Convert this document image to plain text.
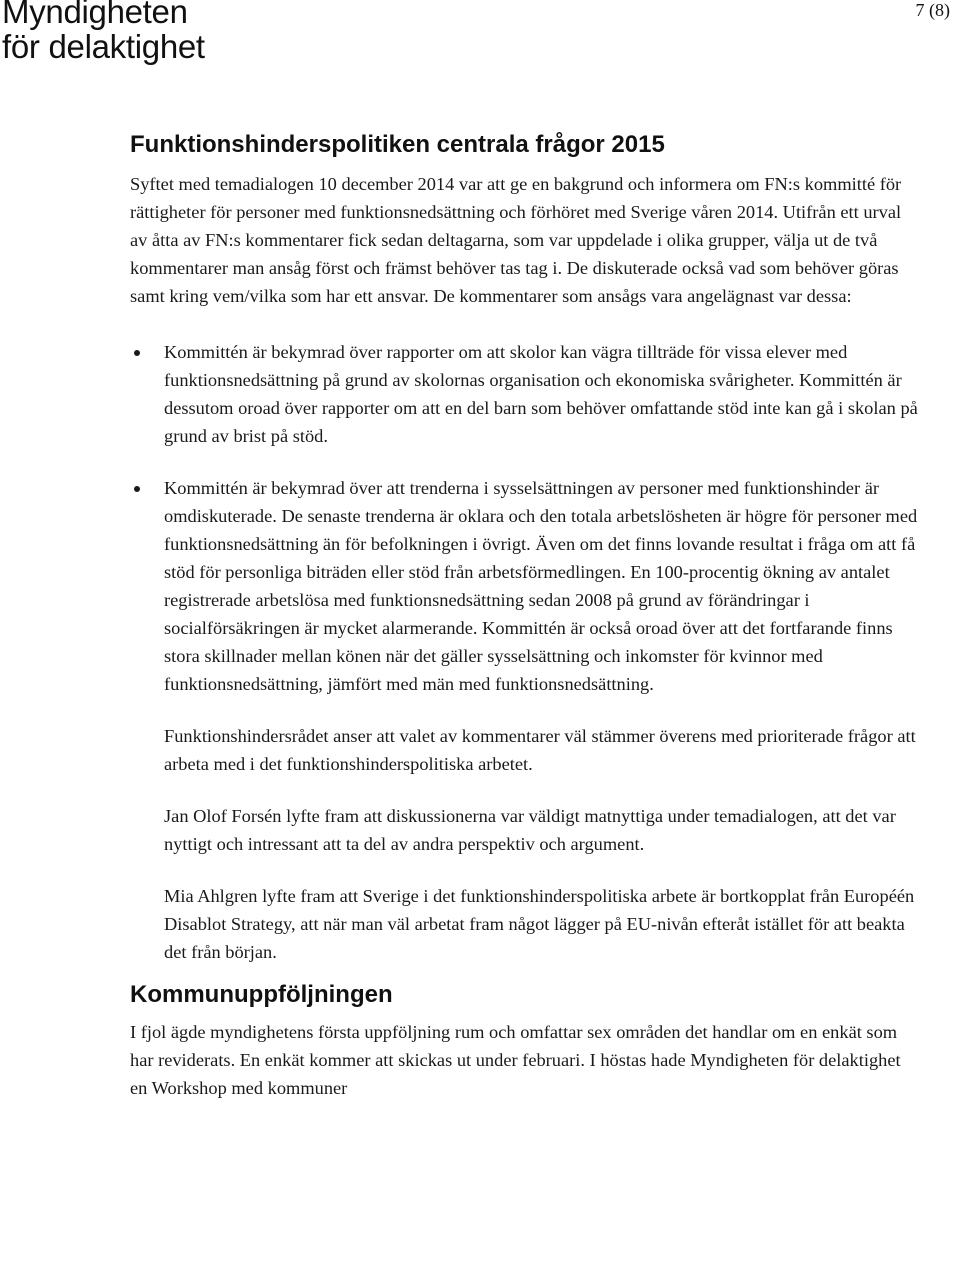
Myndigheten
för delaktighet
7 (8)
Funktionshinderspolitiken centrala frågor 2015

Syftet med temadialogen 10 december 2014 var att ge en bakgrund och informera om FN:s kommitté för rättigheter för personer med funktionsnedsättning och förhöret med Sverige våren 2014. Utifrån ett urval av åtta av FN:s kommentarer fick sedan deltagarna, som var uppdelade i olika grupper, välja ut de två kommentarer man ansåg först och främst behöver tas tag i. De diskuterade också vad som behöver göras samt kring vem/vilka som har ett ansvar. De kommentarer som ansågs vara angelägnast var dessa:

Kommittén är bekymrad över rapporter om att skolor kan vägra tillträde för vissa elever med funktionsnedsättning på grund av skolornas organisation och ekonomiska svårigheter. Kommittén är dessutom oroad över rapporter om att en del barn som behöver omfattande stöd inte kan gå i skolan på grund av brist på stöd.

Kommittén är bekymrad över att trenderna i sysselsättningen av personer med funktionshinder är omdiskuterade. De senaste trenderna är oklara och den totala arbetslösheten är högre för personer med funktionsnedsättning än för befolkningen i övrigt. Även om det finns lovande resultat i fråga om att få stöd för personliga biträden eller stöd från arbetsförmedlingen. En 100-procentig ökning av antalet registrerade arbetslösa med funktionsnedsättning sedan 2008 på grund av förändringar i socialförsäkringen är mycket alarmerande. Kommittén är också oroad över att det fortfarande finns stora skillnader mellan könen när det gäller sysselsättning och inkomster för kvinnor med funktionsnedsättning, jämfört med män med funktionsnedsättning.

Funktionshindersrådet anser att valet av kommentarer väl stämmer överens med prioriterade frågor att arbeta med i det funktionshinderspolitiska arbetet.

Jan Olof Forsén lyfte fram att diskussionerna var väldigt matnyttiga under temadialogen, att det var nyttigt och intressant att ta del av andra perspektiv och argument.

Mia Ahlgren lyfte fram att Sverige i det funktionshinderspolitiska arbete är bortkopplat från Européén Disablot Strategy, att när man väl arbetat fram något lägger på EU-nivån efteråt istället för att beakta det från början.

Kommunuppföljningen

I fjol ägde myndighetens första uppföljning rum och omfattar sex områden det handlar om en enkät som har reviderats. En enkät kommer att skickas ut under februari. I höstas hade Myndigheten för delaktighet en Workshop med kommuner
